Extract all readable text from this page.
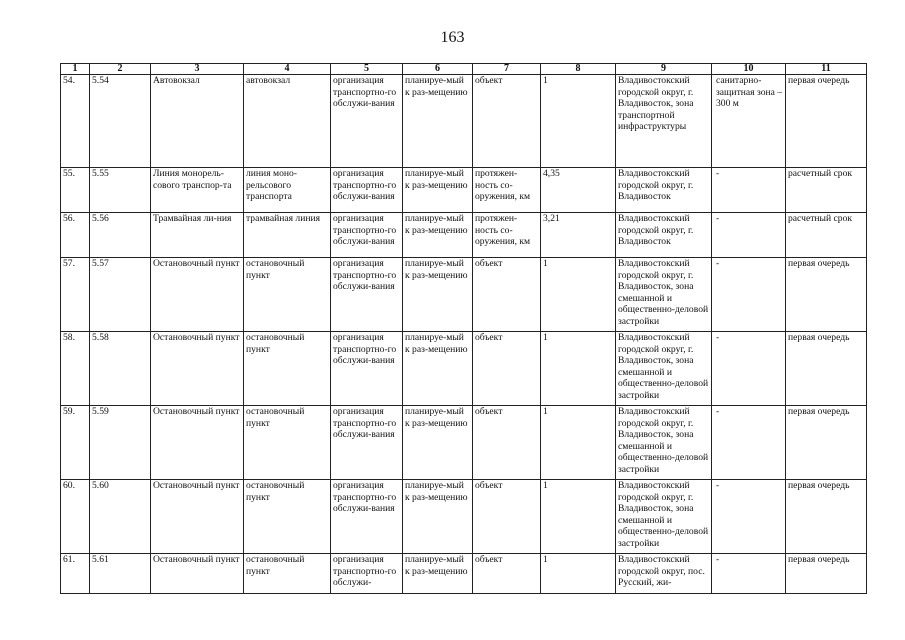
163
1	2	3	4	5	6	7	8	9	10	11

54.	5.54	Автовокзал	автовокзал	организация транспортно-го обслужи-вания	планируе-мый к раз-мещению	объект	1	Владивостокский городской округ, г. Владивосток, зона транспортной инфраструктуры	санитарно-защитная зона – 300 м	первая очередь

55.	5.55	Линия моноpель-сового транспор-та	линия моно-рельсового транспорта	организация транспортно-го обслужи-вания	планируе-мый к раз-мещению	протяжен-ность со-оружения, км	4,35	Владивостокский городской округ, г. Владивосток	-	расчетный срок

56.	5.56	Трамвайная ли-ния	трамвайная линия	организация транспортно-го обслужи-вания	планируе-мый к раз-мещению	протяжен-ность со-оружения, км	3,21	Владивостокский городской округ, г. Владивосток	-	расчетный срок

57.	5.57	Остановочный пункт	остановочный пункт	организация транспортно-го обслужи-вания	планируе-мый к раз-мещению	объект	1	Владивостокский городской округ, г. Владивосток, зона смешанной и общественно-деловой застройки	-	первая очередь

58.	5.58	Остановочный пункт	остановочный пункт	организация транспортно-го обслужи-вания	планируе-мый к раз-мещению	объект	1	Владивостокский городской округ, г. Владивосток, зона смешанной и общественно-деловой застройки	-	первая очередь

59.	5.59	Остановочный пункт	остановочный пункт	организация транспортно-го обслужи-вания	планируе-мый к раз-мещению	объект	1	Владивостокский городской округ, г. Владивосток, зона смешанной и общественно-деловой застройки	-	первая очередь

60.	5.60	Остановочный пункт	остановочный пункт	организация транспортно-го обслужи-вания	планируе-мый к раз-мещению	объект	1	Владивостокский городской округ, г. Владивосток, зона смешанной и общественно-деловой застройки	-	первая очередь

61.	5.61	Остановочный пункт	остановочный пункт	организация транспортно-го обслужи-	планируе-мый к раз-мещению	объект	1	Владивостокский городской округ, пос. Русский, жи-	-	первая очередь
